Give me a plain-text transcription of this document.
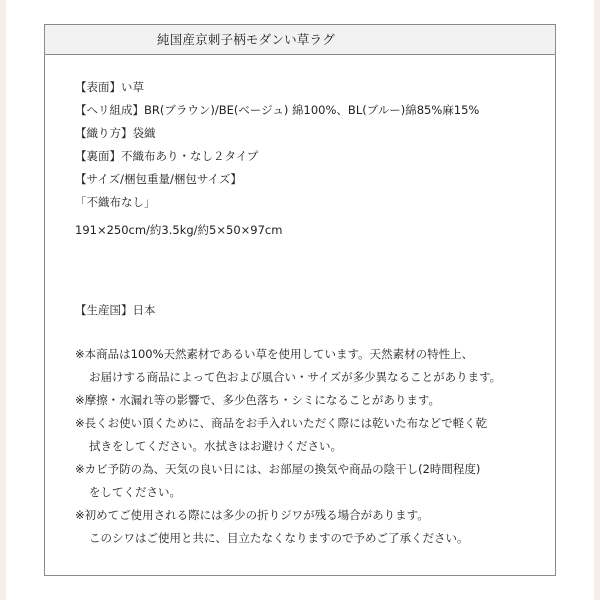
純国産京刺子柄モダンい草ラグ
【表面】い草
【ヘリ組成】BR(ブラウン)/BE(ベージュ) 綿100%、BL(ブルー)綿85%麻15%
【織り方】袋織
【裏面】不織布あり・なし２タイプ
【サイズ/梱包重量/梱包サイズ】
「不織布なし」
191×250cm/約3.5kg/約5×50×97cm
【生産国】日本
※本商品は100%天然素材であるい草を使用しています。天然素材の特性上、
お届けする商品によって色および風合い・サイズが多少異なることがあります。
※摩擦・水漏れ等の影響で、多少色落ち・シミになることがあります。
※長くお使い頂くために、商品をお手入れいただく際には乾いた布などで軽く乾
拭きをしてください。水拭きはお避けください。
※カビ予防の為、天気の良い日には、お部屋の換気や商品の陰干し(2時間程度)
をしてください。
※初めてご使用される際には多少の折りジワが残る場合があります。
このシワはご使用と共に、目立たなくなりますので予めご了承ください。
